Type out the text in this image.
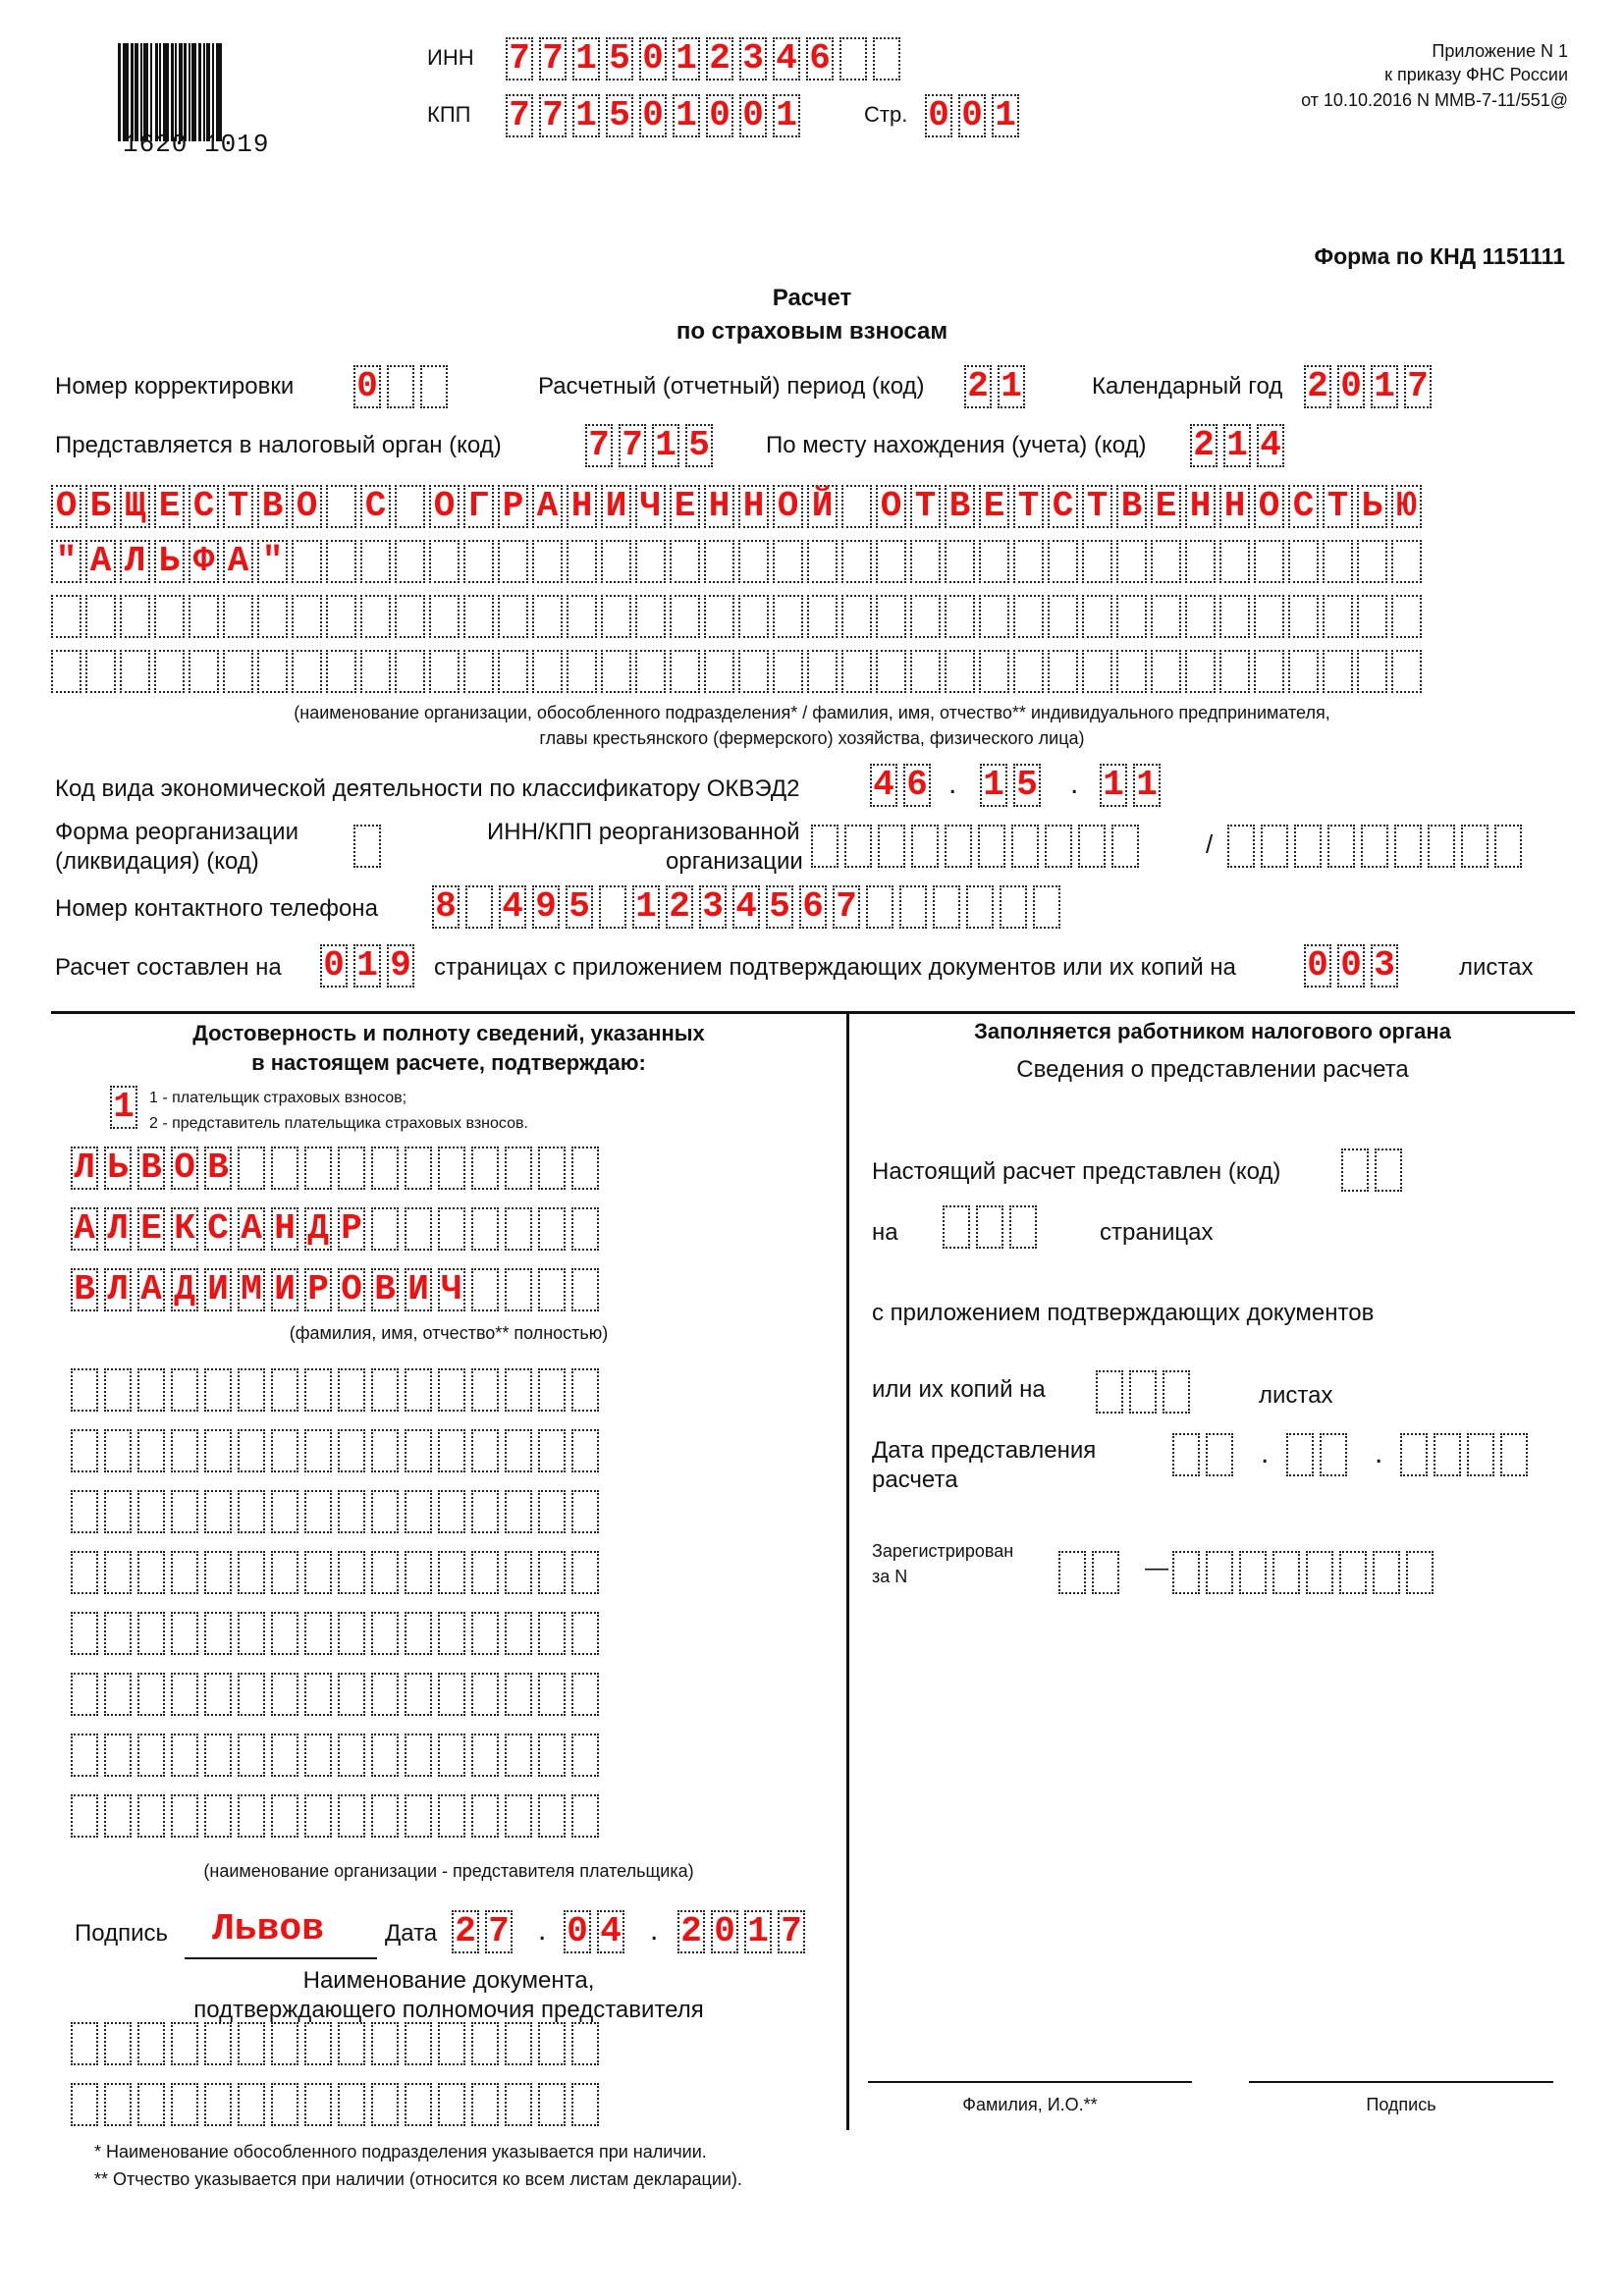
1620 1019
ИНН 7 7 1 5 0 1 2 3 4 6
КПП 7 7 1 5 0 1 0 0 1	Стр. 0 0 1
Приложение N 1
к приказу ФНС России
от 10.10.2016 N ММВ-7-11/551@
Форма по КНД 1151111
Расчет
по страховым взносам
Номер корректировки 0	Расчетный (отчетный) период (код) 2 1	Календарный год 2 0 1 7
Представляется в налоговый орган (код) 7 7 1 5 По месту нахождения (учета) (код) 2 1 4
О Б Щ Е С Т В О С О Г Р А Н И Ч Е Н Н О Й О Т В Е Т С Т В Е Н Н О С Т Ь Ю
" А Л Ь Ф А "
(наименование организации, обособленного подразделения* / фамилия, имя, отчество** индивидуального предпринимателя,
главы крестьянского (фермерского) хозяйства, физического лица)
Код вида экономической деятельности по классификатору ОКВЭД2 4 6 . 1 5 . 1 1
Форма реорганизации
(ликвидация) (код)
ИНН/КПП реорганизованной
организации
/
Номер контактного телефона 8 4 9 5 1 2 3 4 5 6 7
Расчет составлен на 0 1 9 страницах с приложением подтверждающих документов или их копий на 0 0 3	листах
Достоверность и полноту сведений, указанных
в настоящем расчете, подтверждаю:
1 1 - плательщик страховых взносов;
2 - представитель плательщика страховых взносов.
Л Ь В О В
А Л Е К С А Н Д Р
В Л А Д И М И Р О В И Ч
(фамилия, имя, отчество** полностью)
(наименование организации - представителя плательщика)
Подпись Львов	Дата 2 7 . 0 4 . 2 0 1 7
Наименование документа,
подтверждающего полномочия представителя
Заполняется работником налогового органа
Сведения о представлении расчета
Настоящий расчет представлен (код)
на	страницах
с приложением подтверждающих документов
или их копий на	листах
Дата представления
расчета
.	.
Зарегистрирован
за N	—
Фамилия, И.О.**	Подпись
* Наименование обособленного подразделения указывается при наличии.
** Отчество указывается при наличии (относится ко всем листам декларации).
